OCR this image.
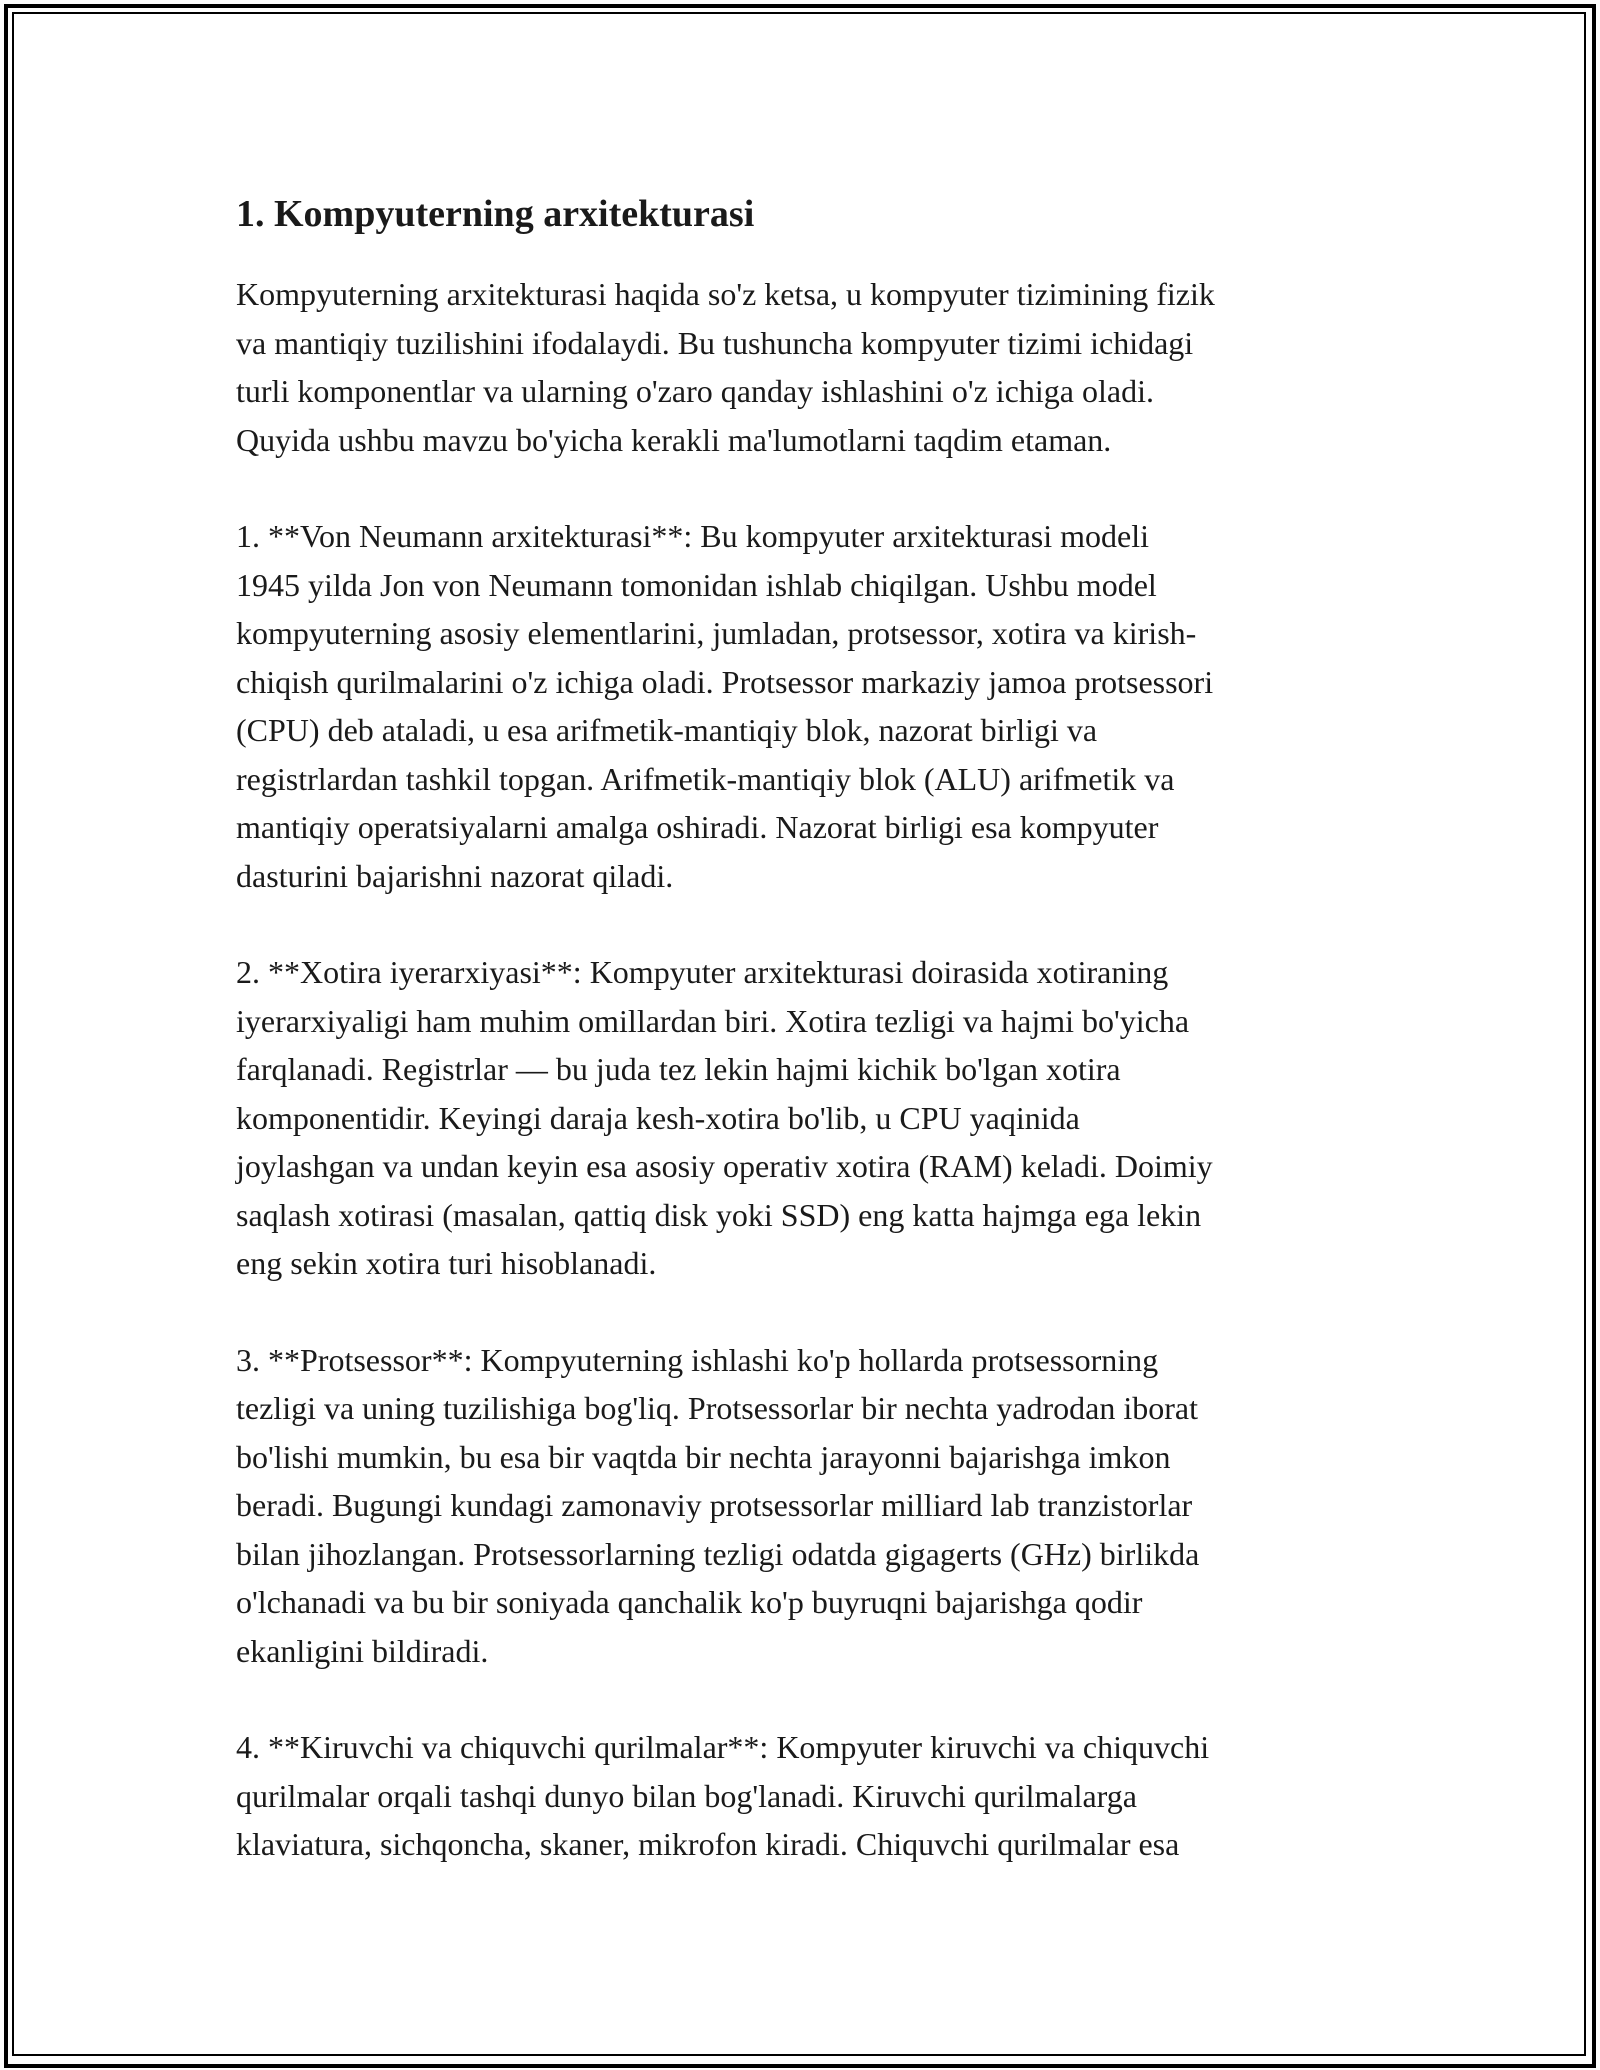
1. Kompyuterning arxitekturasi

Kompyuterning arxitekturasi haqida so'z ketsa, u kompyuter tizimining fizik
va mantiqiy tuzilishini ifodalaydi. Bu tushuncha kompyuter tizimi ichidagi
turli komponentlar va ularning o'zaro qanday ishlashini o'z ichiga oladi.
Quyida ushbu mavzu bo'yicha kerakli ma'lumotlarni taqdim etaman.

1. **Von Neumann arxitekturasi**: Bu kompyuter arxitekturasi modeli
1945 yilda Jon von Neumann tomonidan ishlab chiqilgan. Ushbu model
kompyuterning asosiy elementlarini, jumladan, protsessor, xotira va kirish-
chiqish qurilmalarini o'z ichiga oladi. Protsessor markaziy jamoa protsessori
(CPU) deb ataladi, u esa arifmetik-mantiqiy blok, nazorat birligi va
registrlardan tashkil topgan. Arifmetik-mantiqiy blok (ALU) arifmetik va
mantiqiy operatsiyalarni amalga oshiradi. Nazorat birligi esa kompyuter
dasturini bajarishni nazorat qiladi.

2. **Xotira iyerarxiyasi**: Kompyuter arxitekturasi doirasida xotiraning
iyerarxiyaligi ham muhim omillardan biri. Xotira tezligi va hajmi bo'yicha
farqlanadi. Registrlar — bu juda tez lekin hajmi kichik bo'lgan xotira
komponentidir. Keyingi daraja kesh-xotira bo'lib, u CPU yaqinida
joylashgan va undan keyin esa asosiy operativ xotira (RAM) keladi. Doimiy
saqlash xotirasi (masalan, qattiq disk yoki SSD) eng katta hajmga ega lekin
eng sekin xotira turi hisoblanadi.

3. **Protsessor**: Kompyuterning ishlashi ko'p hollarda protsessorning
tezligi va uning tuzilishiga bog'liq. Protsessorlar bir nechta yadrodan iborat
bo'lishi mumkin, bu esa bir vaqtda bir nechta jarayonni bajarishga imkon
beradi. Bugungi kundagi zamonaviy protsessorlar milliard lab tranzistorlar
bilan jihozlangan. Protsessorlarning tezligi odatda gigagerts (GHz) birlikda
o'lchanadi va bu bir soniyada qanchalik ko'p buyruqni bajarishga qodir
ekanligini bildiradi.

4. **Kiruvchi va chiquvchi qurilmalar**: Kompyuter kiruvchi va chiquvchi
qurilmalar orqali tashqi dunyo bilan bog'lanadi. Kiruvchi qurilmalarga
klaviatura, sichqoncha, skaner, mikrofon kiradi. Chiquvchi qurilmalar esa
